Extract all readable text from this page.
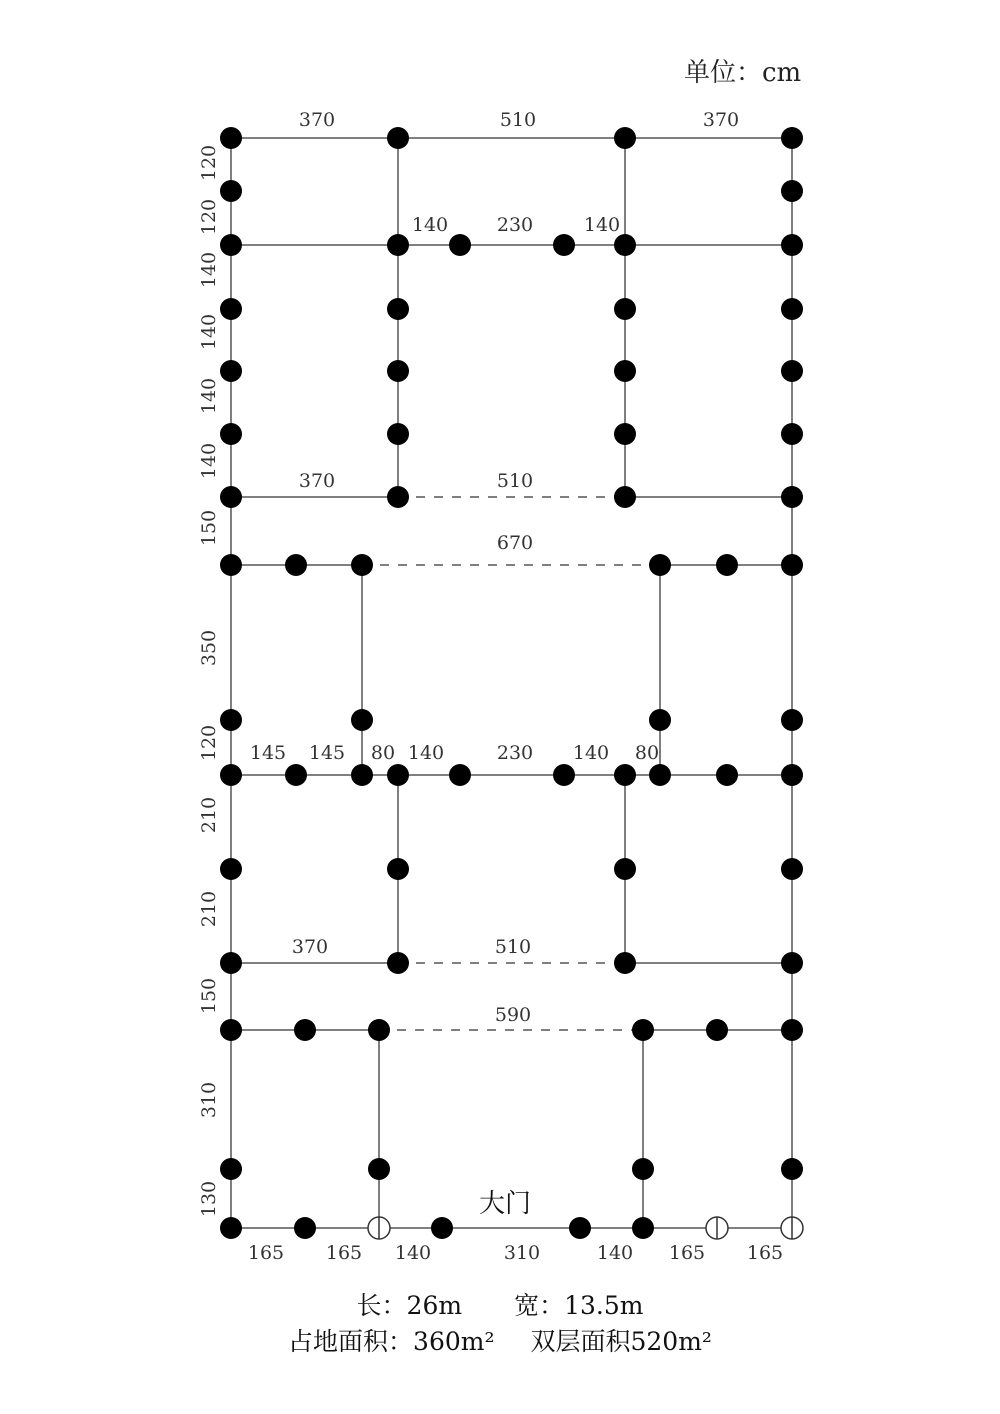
370	510	370
140	230	140
370	510
670
145 145 80 140	230 140 80
370	510
590
165 165 140	310	140 165 165
120
120
140
140
140
140
150
350
120
210
210
150
310
130	大门
单位：cm
长：26m 宽：13.5m
占地面积：360m² 双层面积520m²
